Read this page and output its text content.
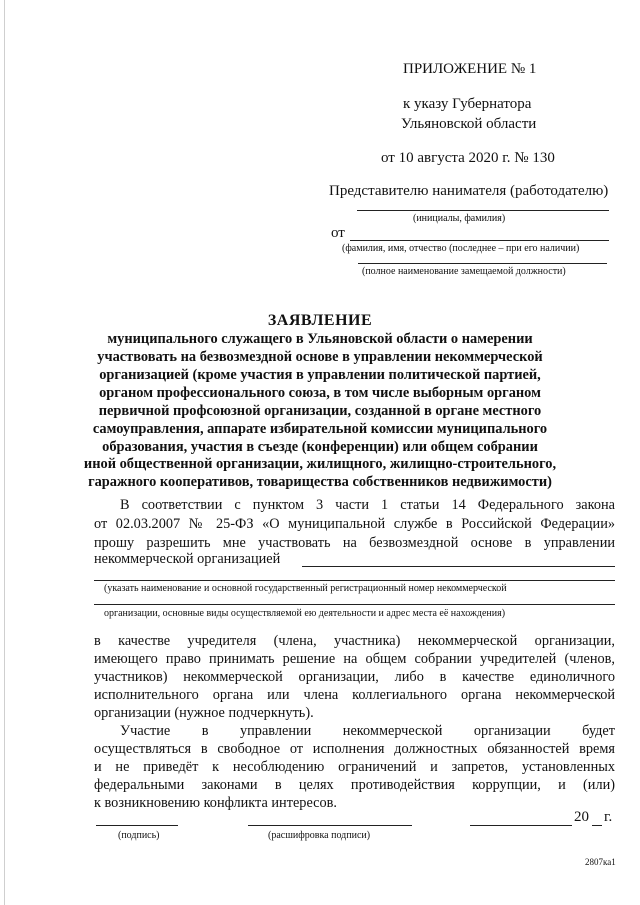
ПРИЛОЖЕНИЕ № 1
к указу Губернатора
Ульяновской области
от 10 августа 2020 г. № 130
Представителю нанимателя (работодателю)
(инициалы, фамилия)
от
(фамилия, имя, отчество (последнее – при его наличии)
(полное наименование замещаемой должности)
ЗАЯВЛЕНИЕ
муниципального служащего в Ульяновской области о намерении
участвовать на безвозмездной основе в управлении некоммерческой
организацией (кроме участия в управлении политической партией,
органом профессионального союза, в том числе выборным органом
первичной профсоюзной организации, созданной в органе местного
самоуправления, аппарате избирательной комиссии муниципального
образования, участия в съезде (конференции) или общем собрании
иной общественной организации, жилищного, жилищно-строительного,
гаражного кооперативов, товарищества собственников недвижимости)
В соответствии с пунктом 3 части 1 статьи 14 Федерального закона
от 02.03.2007 № 25-ФЗ «О муниципальной службе в Российской Федерации»
прошу разрешить мне участвовать на безвозмездной основе в управлении
некоммерческой организацией
(указать наименование и основной государственный регистрационный номер некоммерческой
организации, основные виды осуществляемой ею деятельности и адрес места её нахождения)
в качестве учредителя (члена, участника) некоммерческой организации,
имеющего право принимать решение на общем собрании учредителей (членов,
участников) некоммерческой организации, либо в качестве единоличного
исполнительного органа или члена коллегиального органа некоммерческой
организации (нужное подчеркнуть).
Участие в управлении некоммерческой организации будет
осуществляться в свободное от исполнения должностных обязанностей время
и не приведёт к несоблюдению ограничений и запретов, установленных
федеральными законами в целях противодействия коррупции, и (или)
к возникновению конфликта интересов.
(подпись)	(расшифровка подписи)
20 г.
2807ка1
